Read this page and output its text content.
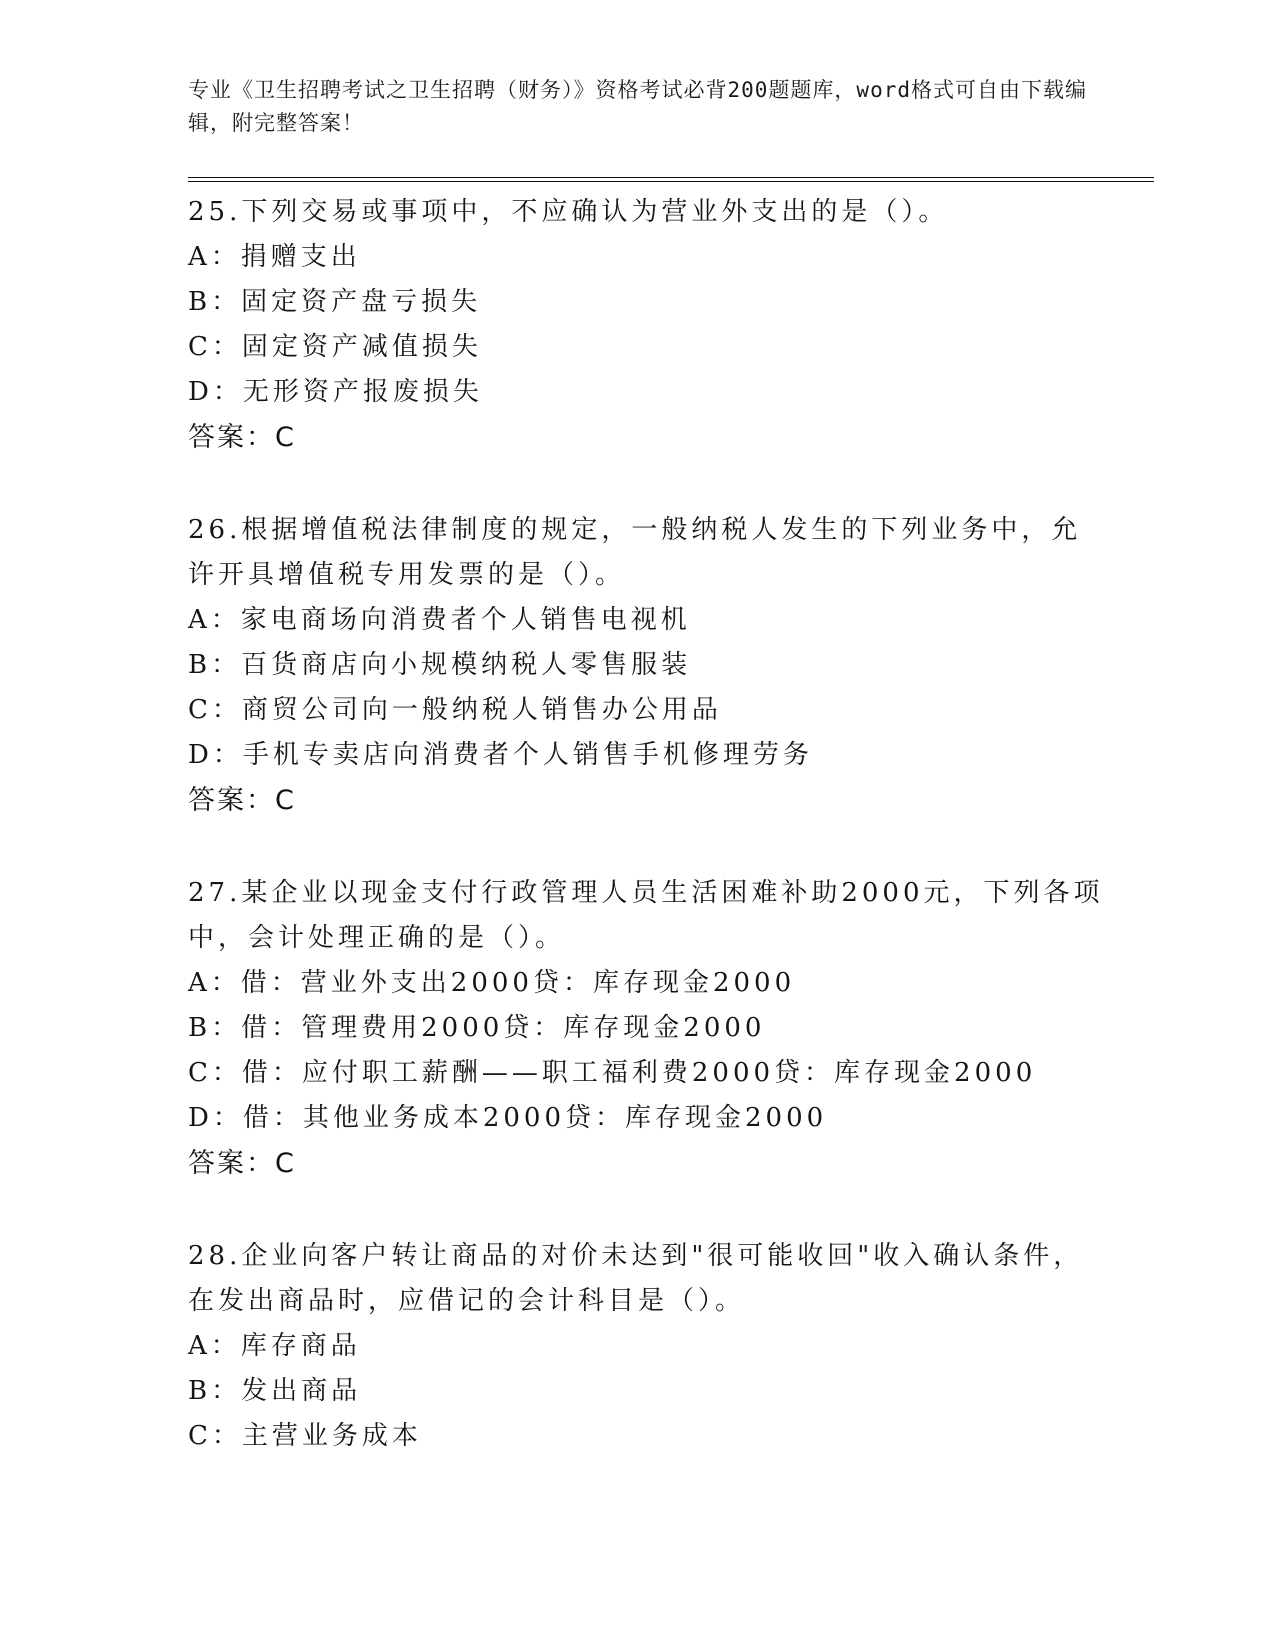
专业《卫生招聘考试之卫生招聘（财务）》资格考试必背200题题库，word格式可自由下载编辑，附完整答案！

25.下列交易或事项中，不应确认为营业外支出的是（）。

A：捐赠支出

B：固定资产盘亏损失

C：固定资产减值损失

D：无形资产报废损失

答案：C

26.根据增值税法律制度的规定，一般纳税人发生的下列业务中，允许开具增值税专用发票的是（）。

A：家电商场向消费者个人销售电视机

B：百货商店向小规模纳税人零售服装

C：商贸公司向一般纳税人销售办公用品

D：手机专卖店向消费者个人销售手机修理劳务

答案：C

27.某企业以现金支付行政管理人员生活困难补助2000元，下列各项中，会计处理正确的是（）。

A：借：营业外支出2000贷：库存现金2000

B：借：管理费用2000贷：库存现金2000

C：借：应付职工薪酬——职工福利费2000贷：库存现金2000

D：借：其他业务成本2000贷：库存现金2000

答案：C

28.企业向客户转让商品的对价未达到"很可能收回"收入确认条件，在发出商品时，应借记的会计科目是（）。

A：库存商品

B：发出商品

C：主营业务成本
